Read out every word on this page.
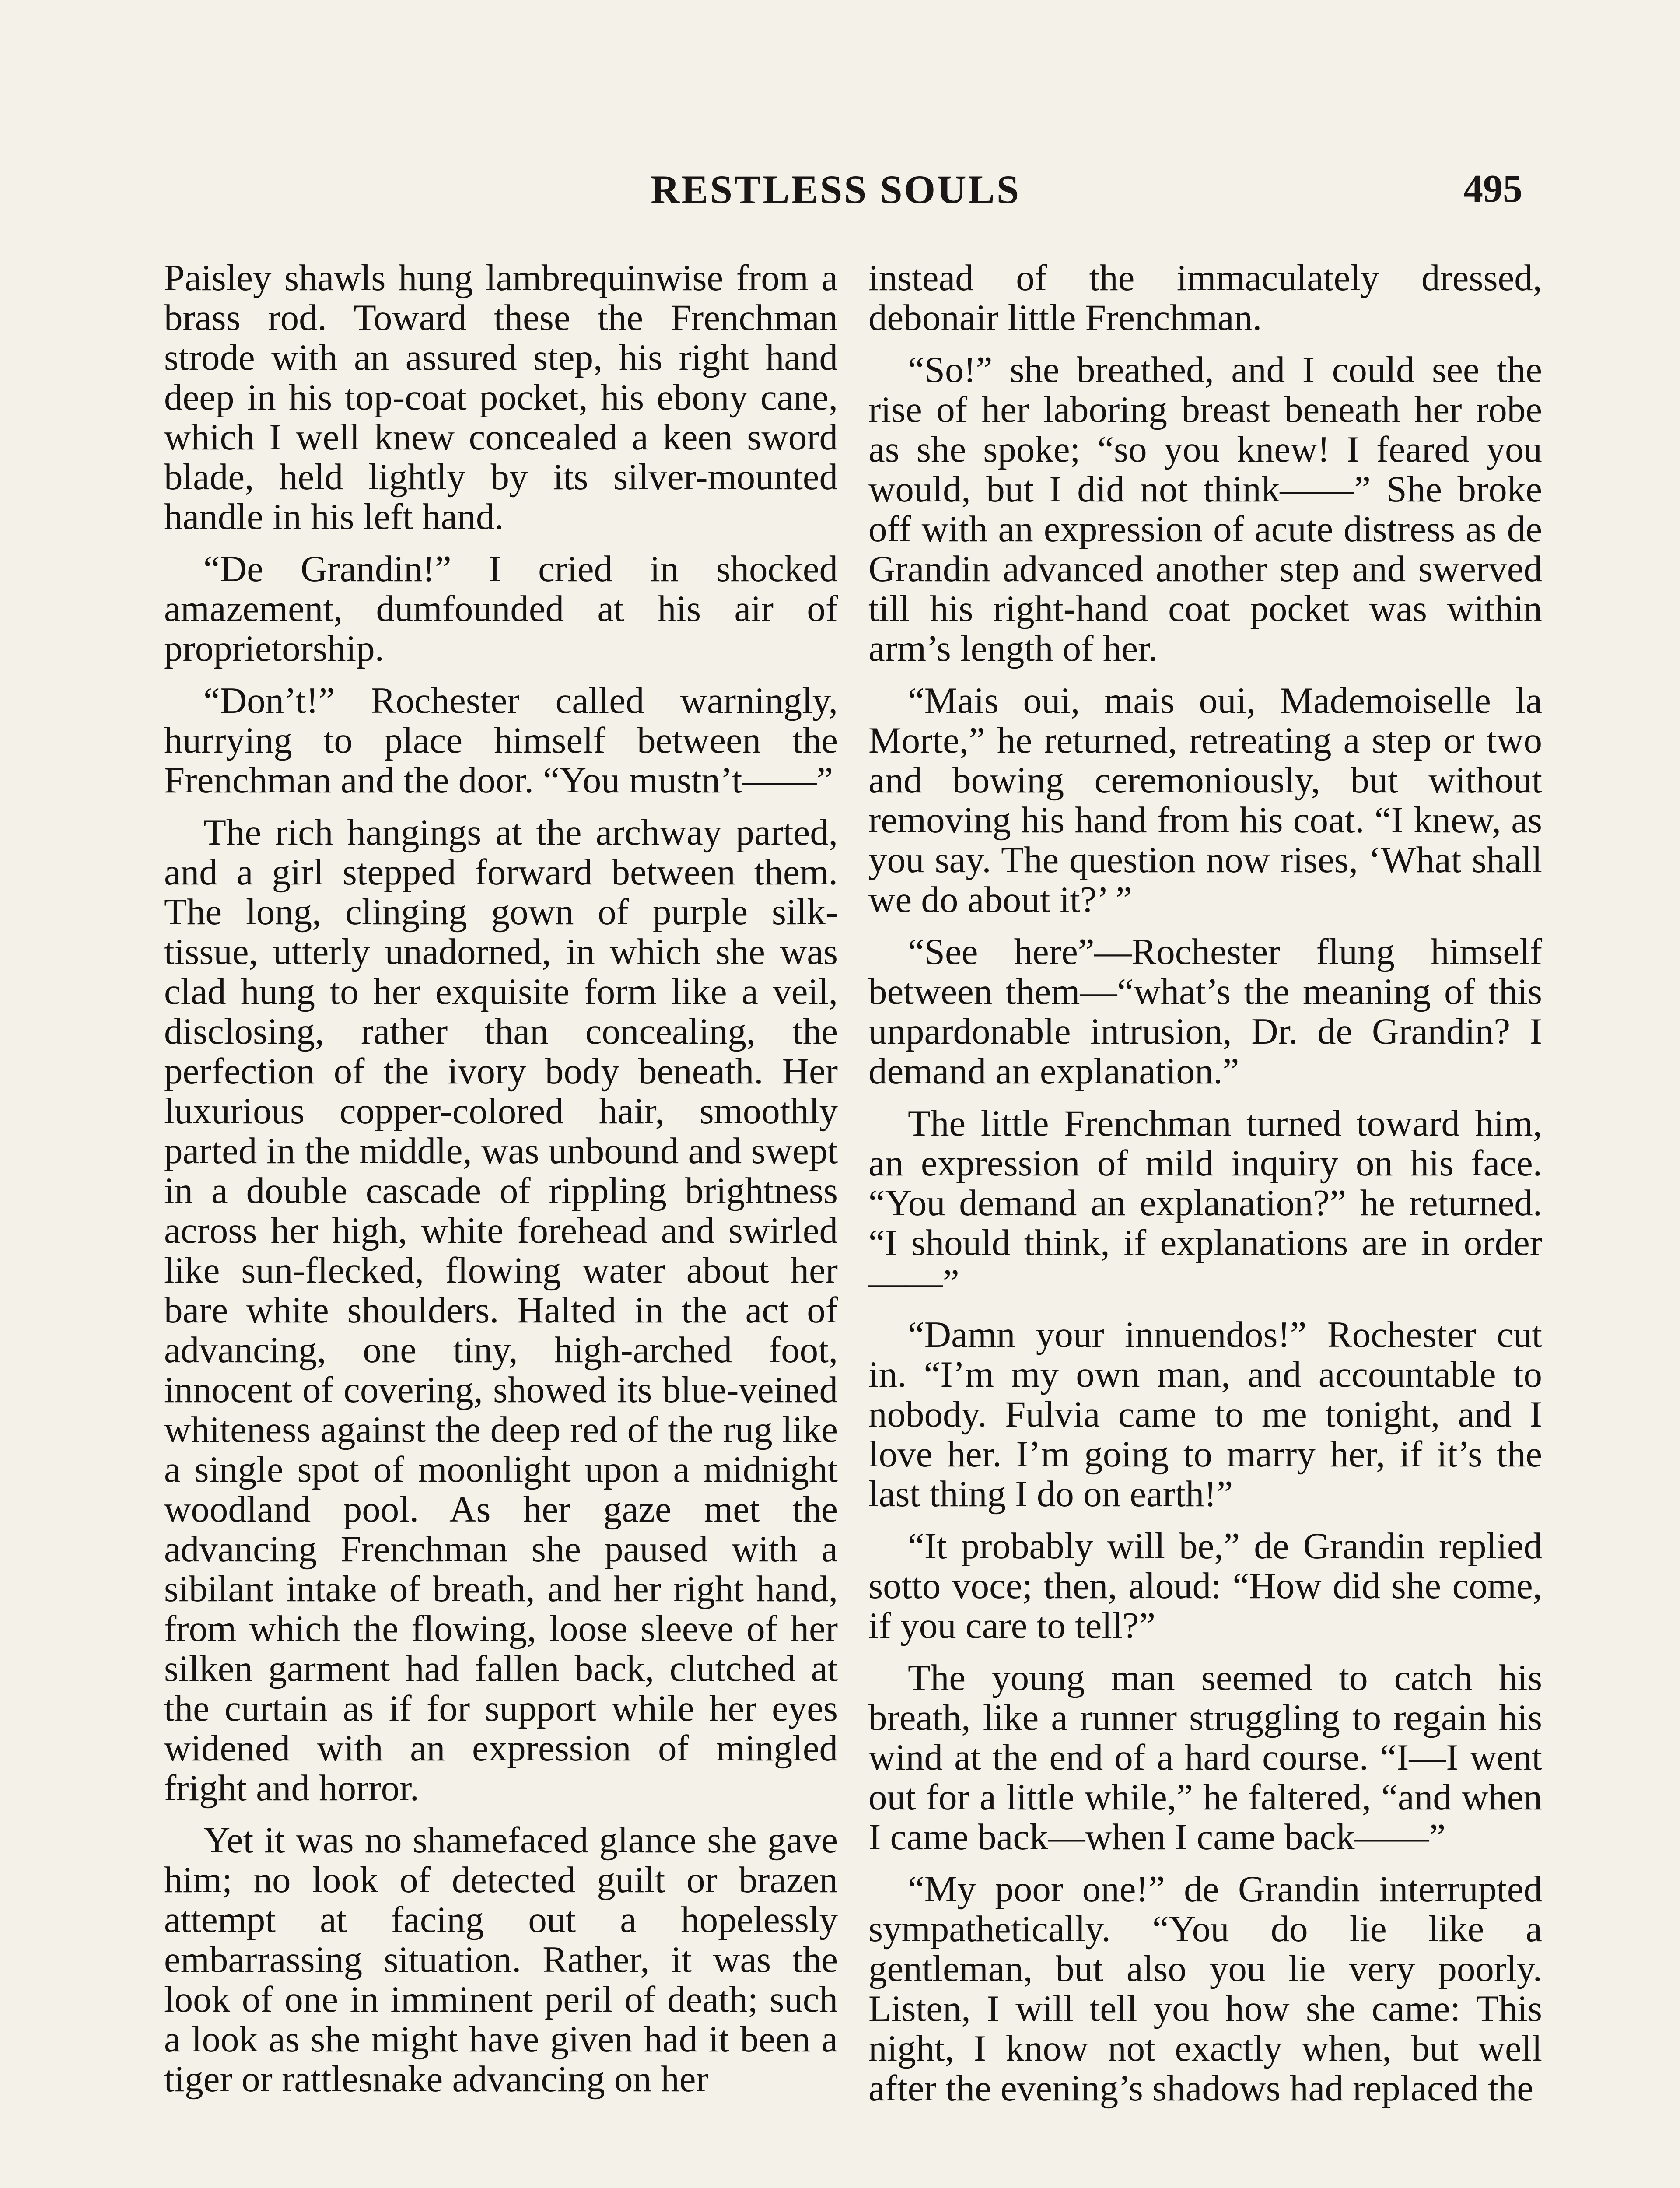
RESTLESS SOULS	495

Paisley shawls hung lambrequinwise from a brass rod. Toward these the Frenchman strode with an assured step, his right hand deep in his top-coat pocket, his ebony cane, which I well knew concealed a keen sword blade, held lightly by its silver-mounted handle in his left hand.

“De Grandin!” I cried in shocked amazement, dumfounded at his air of proprietorship.

“Don’t!” Rochester called warningly, hurrying to place himself between the Frenchman and the door. “You mustn’t——”

The rich hangings at the archway parted, and a girl stepped forward between them. The long, clinging gown of purple silk-tissue, utterly unadorned, in which she was clad hung to her exquisite form like a veil, disclosing, rather than concealing, the perfection of the ivory body beneath. Her luxurious copper-colored hair, smoothly parted in the middle, was unbound and swept in a double cascade of rippling brightness across her high, white forehead and swirled like sun-flecked, flowing water about her bare white shoulders. Halted in the act of advancing, one tiny, high-arched foot, innocent of covering, showed its blue-veined whiteness against the deep red of the rug like a single spot of moonlight upon a midnight woodland pool. As her gaze met the advancing Frenchman she paused with a sibilant intake of breath, and her right hand, from which the flowing, loose sleeve of her silken garment had fallen back, clutched at the curtain as if for support while her eyes widened with an expression of mingled fright and horror.

Yet it was no shamefaced glance she gave him; no look of detected guilt or brazen attempt at facing out a hopelessly embarrassing situation. Rather, it was the look of one in imminent peril of death; such a look as she might have given had it been a tiger or rattlesnake advancing on her

instead of the immaculately dressed, debonair little Frenchman.

“So!” she breathed, and I could see the rise of her laboring breast beneath her robe as she spoke; “so you knew! I feared you would, but I did not think——” She broke off with an expression of acute distress as de Grandin advanced another step and swerved till his right-hand coat pocket was within arm’s length of her.

“Mais oui, mais oui, Mademoiselle la Morte,” he returned, retreating a step or two and bowing ceremoniously, but without removing his hand from his coat. “I knew, as you say. The question now rises, ‘What shall we do about it?’ ”

“See here”—Rochester flung himself between them—“what’s the meaning of this unpardonable intrusion, Dr. de Grandin? I demand an explanation.”

The little Frenchman turned toward him, an expression of mild inquiry on his face. “You demand an explanation?” he returned. “I should think, if explanations are in order——”

“Damn your innuendos!” Rochester cut in. “I’m my own man, and accountable to nobody. Fulvia came to me tonight, and I love her. I’m going to marry her, if it’s the last thing I do on earth!”

“It probably will be,” de Grandin replied sotto voce; then, aloud: “How did she come, if you care to tell?”

The young man seemed to catch his breath, like a runner struggling to regain his wind at the end of a hard course. “I—I went out for a little while,” he faltered, “and when I came back—when I came back——”

“My poor one!” de Grandin interrupted sympathetically. “You do lie like a gentleman, but also you lie very poorly. Listen, I will tell you how she came: This night, I know not exactly when, but well after the evening’s shadows had replaced the
